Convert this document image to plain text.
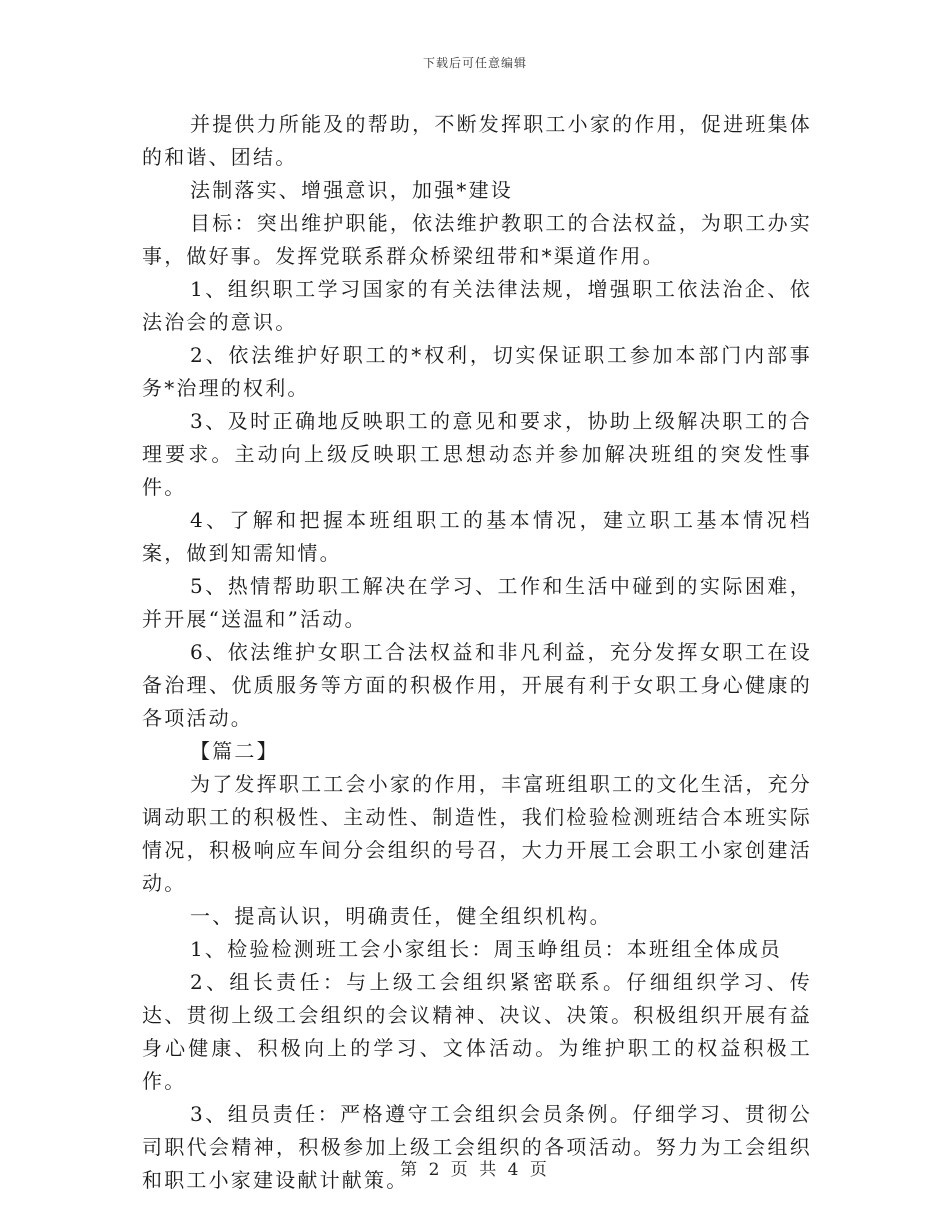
下载后可任意编辑

并提供力所能及的帮助，不断发挥职工小家的作用，促进班集体的和谐、团结。

法制落实、增强意识，加强*建设

目标：突出维护职能，依法维护教职工的合法权益，为职工办实事，做好事。发挥党联系群众桥梁纽带和*渠道作用。

1、组织职工学习国家的有关法律法规，增强职工依法治企、依法治会的意识。

2、依法维护好职工的*权利，切实保证职工参加本部门内部事务*治理的权利。

3、及时正确地反映职工的意见和要求，协助上级解决职工的合理要求。主动向上级反映职工思想动态并参加解决班组的突发性事件。

4、了解和把握本班组职工的基本情况，建立职工基本情况档案，做到知需知情。

5、热情帮助职工解决在学习、工作和生活中碰到的实际困难，并开展“送温和”活动。

6、依法维护女职工合法权益和非凡利益，充分发挥女职工在设备治理、优质服务等方面的积极作用，开展有利于女职工身心健康的各项活动。

【篇二】

为了发挥职工工会小家的作用，丰富班组职工的文化生活，充分调动职工的积极性、主动性、制造性，我们检验检测班结合本班实际情况，积极响应车间分会组织的号召，大力开展工会职工小家创建活动。

一、提高认识，明确责任，健全组织机构。

1、检验检测班工会小家组长：周玉峥组员：本班组全体成员

2、组长责任：与上级工会组织紧密联系。仔细组织学习、传达、贯彻上级工会组织的会议精神、决议、决策。积极组织开展有益身心健康、积极向上的学习、文体活动。为维护职工的权益积极工作。

3、组员责任：严格遵守工会组织会员条例。仔细学习、贯彻公司职代会精神，积极参加上级工会组织的各项活动。努力为工会组织和职工小家建设献计献策。

第 2 页 共 4 页
